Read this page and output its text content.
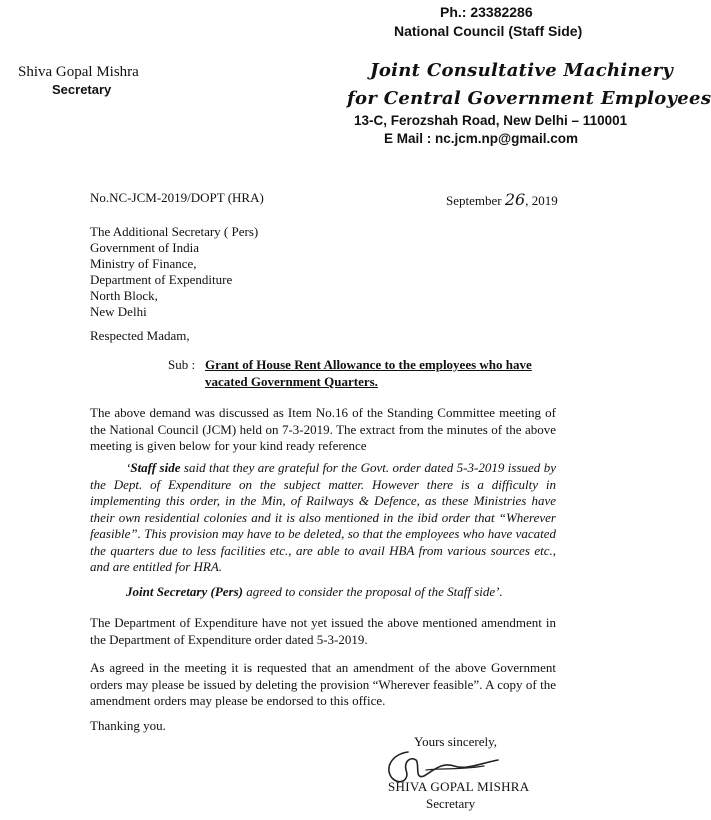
Ph.: 23382286
National Council (Staff Side)
Joint Consultative Machinery
for Central Government Employees
13-C, Ferozshah Road, New Delhi – 110001
E Mail : nc.jcm.np@gmail.com
Shiva Gopal Mishra
Secretary
No.NC-JCM-2019/DOPT (HRA)	September 26, 2019
The Additional Secretary ( Pers)
Government of India
Ministry of Finance,
Department of Expenditure
North Block,
New Delhi
Respected Madam,
Sub : Grant of House Rent Allowance to the employees who have
vacated Government Quarters.
The above demand was discussed as Item No.16 of the Standing Committee meeting of the National Council (JCM) held on 7-3-2019. The extract from the minutes of the above meeting is given below for your kind ready reference
‘Staff side said that they are grateful for the Govt. order dated 5-3-2019 issued by the Dept. of Expenditure on the subject matter. However there is a difficulty in implementing this order, in the Min, of Railways & Defence, as these Ministries have their own residential colonies and it is also mentioned in the ibid order that “Wherever feasible”. This provision may have to be deleted, so that the employees who have vacated the quarters due to less facilities etc., are able to avail HBA from various sources etc., and are entitled for HRA.
Joint Secretary (Pers) agreed to consider the proposal of the Staff side’.
The Department of Expenditure have not yet issued the above mentioned amendment in the Department of Expenditure order dated 5-3-2019.
As agreed in the meeting it is requested that an amendment of the above Government orders may please be issued by deleting the provision “Wherever feasible”. A copy of the amendment orders may please be endorsed to this office.
Thanking you.
Yours sincerely,
SHIVA GOPAL MISHRA
Secretary
